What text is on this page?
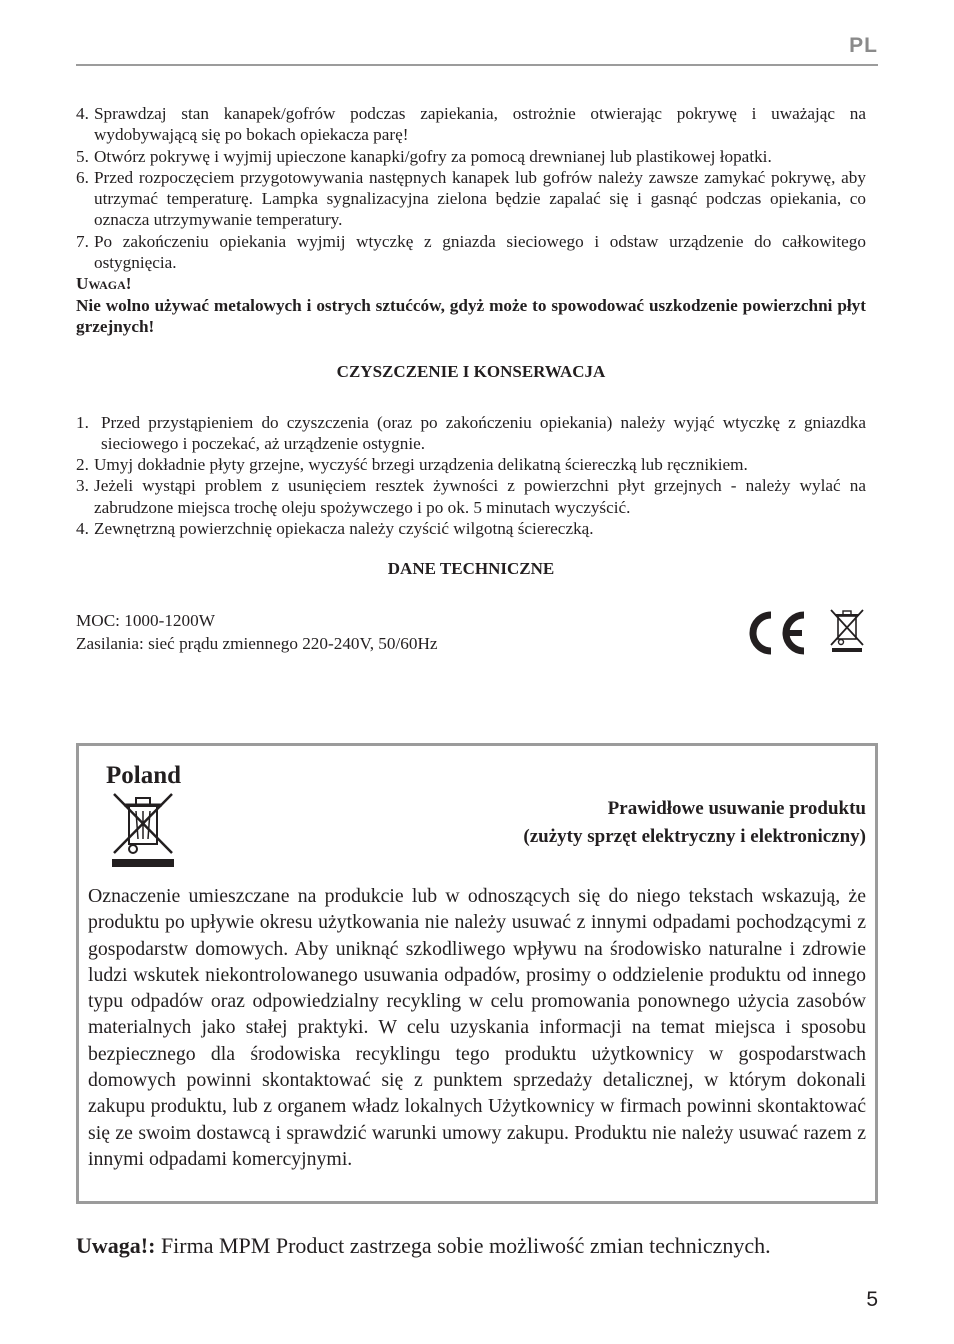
PL
4. Sprawdzaj stan kanapek/gofrów podczas zapiekania, ostrożnie otwierając pokrywę i uważając na wydobywającą się po bokach opiekacza parę!
5. Otwórz pokrywę i wyjmij upieczone kanapki/gofry za pomocą drewnianej lub plastikowej łopatki.
6. Przed rozpoczęciem przygotowywania następnych kanapek lub gofrów należy zawsze zamykać pokrywę, aby utrzymać temperaturę. Lampka sygnalizacyjna zielona będzie zapalać się i gasnąć podczas opiekania, co oznacza utrzymywanie temperatury.
7. Po zakończeniu opiekania wyjmij wtyczkę z gniazda sieciowego i odstaw urządzenie do całkowitego ostygnięcia.
Uwaga!
Nie wolno używać metalowych i ostrych sztućców, gdyż może to spowodować uszkodzenie powierzchni płyt grzejnych!
CZYSZCZENIE I KONSERWACJA
1. Przed przystąpieniem do czyszczenia (oraz po zakończeniu opiekania) należy wyjąć wtyczkę z gniazdka sieciowego i poczekać, aż urządzenie ostygnie.
2. Umyj dokładnie płyty grzejne, wyczyść brzegi urządzenia delikatną ściereczką lub ręcznikiem.
3. Jeżeli wystąpi problem z usunięciem resztek żywności z powierzchni płyt grzejnych - należy wylać na zabrudzone miejsca trochę oleju spożywczego i po ok. 5 minutach wyczyścić.
4. Zewnętrzną powierzchnię opiekacza należy czyścić wilgotną ściereczką.
DANE TECHNICZNE
MOC: 1000-1200W
Zasilania: sieć prądu zmiennego 220-240V, 50/60Hz
Poland
Prawidłowe usuwanie produktu
(zużyty sprzęt elektryczny i elektroniczny)
Oznaczenie umieszczane na produkcie lub w odnoszących się do niego tekstach wskazują, że produktu po upływie okresu użytkowania nie należy usuwać z innymi odpadami pochodzącymi z gospodarstw domowych. Aby uniknąć szkodliwego wpływu na środowisko naturalne i zdrowie ludzi wskutek niekontrolowanego usuwania odpadów, prosimy o oddzielenie produktu od innego typu odpadów oraz odpowiedzialny recykling w celu promowania ponownego użycia zasobów materialnych jako stałej praktyki. W celu uzyskania informacji na temat miejsca i sposobu bezpiecznego dla środowiska recyklingu tego produktu użytkownicy w gospodarstwach domowych powinni skontaktować się z punktem sprzedaży detalicznej, w którym dokonali zakupu produktu, lub z organem władz lokalnych Użytkownicy w firmach powinni skontaktować się ze swoim dostawcą i sprawdzić warunki umowy zakupu. Produktu nie należy usuwać razem z innymi odpadami komercyjnymi.
Uwaga!: Firma MPM Product zastrzega sobie możliwość zmian technicznych.
5
